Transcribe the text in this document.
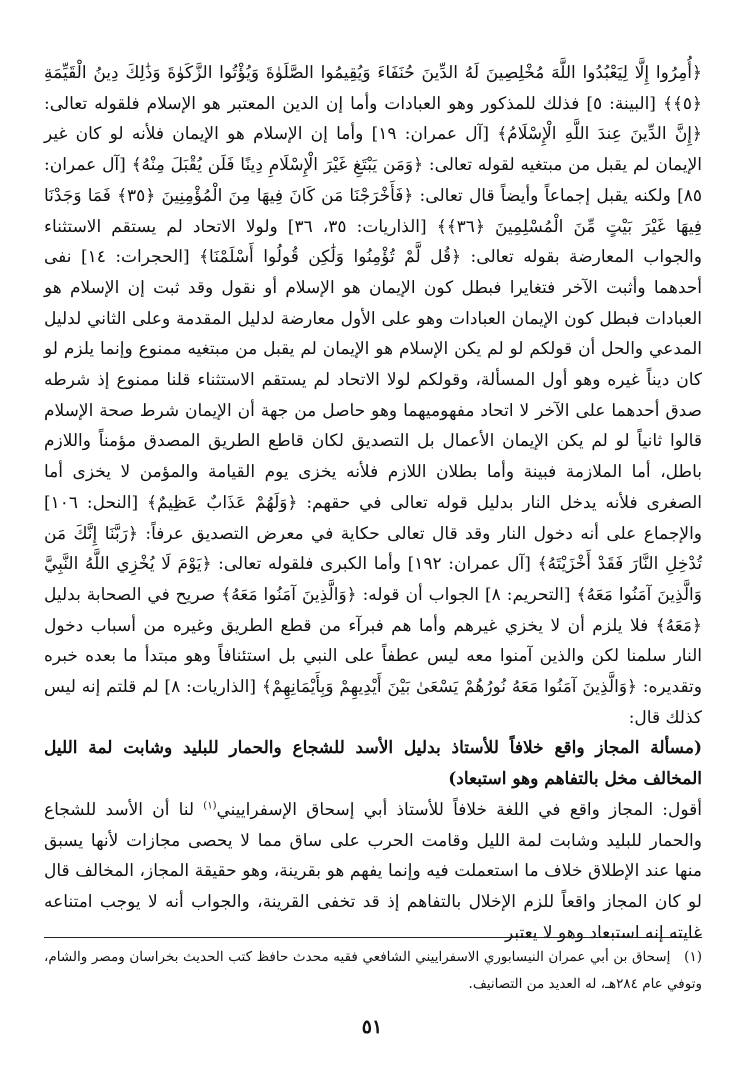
﴿أُمِرُوا إِلَّا لِيَعْبُدُوا اللَّهَ مُخْلِصِينَ لَهُ الدِّينَ حُنَفَاءَ وَيُقِيمُوا الصَّلَوٰةَ وَيُؤْتُوا الزَّكَوٰةَ وَذَٰلِكَ دِينُ الْقَيِّمَةِ ﴿٥﴾﴾ [البينة: ٥] فذلك للمذكور وهو العبادات وأما إن الدين المعتبر هو الإسلام فلقوله تعالى: ﴿إِنَّ الدِّينَ عِندَ اللَّهِ الْإِسْلَامُ﴾ [آل عمران: ١٩] وأما إن الإسلام هو الإيمان فلأنه لو كان غير الإيمان لم يقبل من مبتغيه لقوله تعالى: ﴿وَمَن يَبْتَغِ غَيْرَ الْإِسْلَامِ دِينًا فَلَن يُقْبَلَ مِنْهُ﴾ [آل عمران: ٨٥] ولكنه يقبل إجماعاً وأيضاً قال تعالى: ﴿فَأَخْرَجْنَا مَن كَانَ فِيهَا مِنَ الْمُؤْمِنِينَ ﴿٣٥﴾ فَمَا وَجَدْنَا فِيهَا غَيْرَ بَيْتٍ مِّنَ الْمُسْلِمِينَ ﴿٣٦﴾﴾ [الذاريات: ٣٥، ٣٦] ولولا الاتحاد لم يستقم الاستثناء والجواب المعارضة بقوله تعالى: ﴿قُل لَّمْ تُؤْمِنُوا وَلَٰكِن قُولُوا أَسْلَمْنَا﴾ [الحجرات: ١٤] نفى أحدهما وأثبت الآخر فتغايرا فبطل كون الإيمان هو الإسلام أو نقول وقد ثبت إن الإسلام هو العبادات فبطل كون الإيمان العبادات وهو على الأول معارضة لدليل المقدمة وعلى الثاني لدليل المدعي والحل أن قولكم لو لم يكن الإسلام هو الإيمان لم يقبل من مبتغيه ممنوع وإنما يلزم لو كان ديناً غيره وهو أول المسألة، وقولكم لولا الاتحاد لم يستقم الاستثناء قلنا ممنوع إذ شرطه صدق أحدهما على الآخر لا اتحاد مفهوميهما وهو حاصل من جهة أن الإيمان شرط صحة الإسلام قالوا ثانياً لو لم يكن الإيمان الأعمال بل التصديق لكان قاطع الطريق المصدق مؤمناً واللازم باطل، أما الملازمة فبينة وأما بطلان اللازم فلأنه يخزى يوم القيامة والمؤمن لا يخزى أما الصغرى فلأنه يدخل النار بدليل قوله تعالى في حقهم: ﴿وَلَهُمْ عَذَابٌ عَظِيمٌ﴾ [النحل: ١٠٦] والإجماع على أنه دخول النار وقد قال تعالى حكاية في معرض التصديق عرفاً: ﴿رَبَّنَا إِنَّكَ مَن تُدْخِلِ النَّارَ فَقَدْ أَخْزَيْتَهُ﴾ [آل عمران: ١٩٢] وأما الكبرى فلقوله تعالى: ﴿يَوْمَ لَا يُخْزِي اللَّهُ النَّبِيَّ وَالَّذِينَ آمَنُوا مَعَهُ﴾ [التحريم: ٨] الجواب أن قوله: ﴿وَالَّذِينَ آمَنُوا مَعَهُ﴾ صريح في الصحابة بدليل ﴿مَعَهُ﴾ فلا يلزم أن لا يخزي غيرهم وأما هم فبرآء من قطع الطريق وغيره من أسباب دخول النار سلمنا لكن والذين آمنوا معه ليس عطفاً على النبي بل استئنافاً وهو مبتدأ ما بعده خبره وتقديره: ﴿وَالَّذِينَ آمَنُوا مَعَهُ نُورُهُمْ يَسْعَىٰ بَيْنَ أَيْدِيهِمْ وَبِأَيْمَانِهِمْ﴾ [الذاريات: ٨] لم قلتم إنه ليس كذلك قال:

(مسألة المجاز واقع خلافاً للأستاذ بدليل الأسد للشجاع والحمار للبليد وشابت لمة الليل المخالف مخل بالتفاهم وهو استبعاد)

أقول: المجاز واقع في اللغة خلافاً للأستاذ أبي إسحاق الإسفراييني$^{(١)}$ لنا أن الأسد للشجاع والحمار للبليد وشابت لمة الليل وقامت الحرب على ساق مما لا يحصى مجازات لأنها يسبق منها عند الإطلاق خلاف ما استعملت فيه وإنما يفهم هو بقرينة، وهو حقيقة المجاز، المخالف قال لو كان المجاز واقعاً للزم الإخلال بالتفاهم إذ قد تخفى القرينة، والجواب أنه لا يوجب امتناعه غايته إنه استبعاد وهو لا يعتبر

(١)   إسحاق بن أبي عمران النيسابوري الاسفراييني الشافعي فقيه محدث حافظ كتب الحديث بخراسان ومصر والشام، وتوفي عام ٢٨٤هـ، له العديد من التصانيف.

٥١
